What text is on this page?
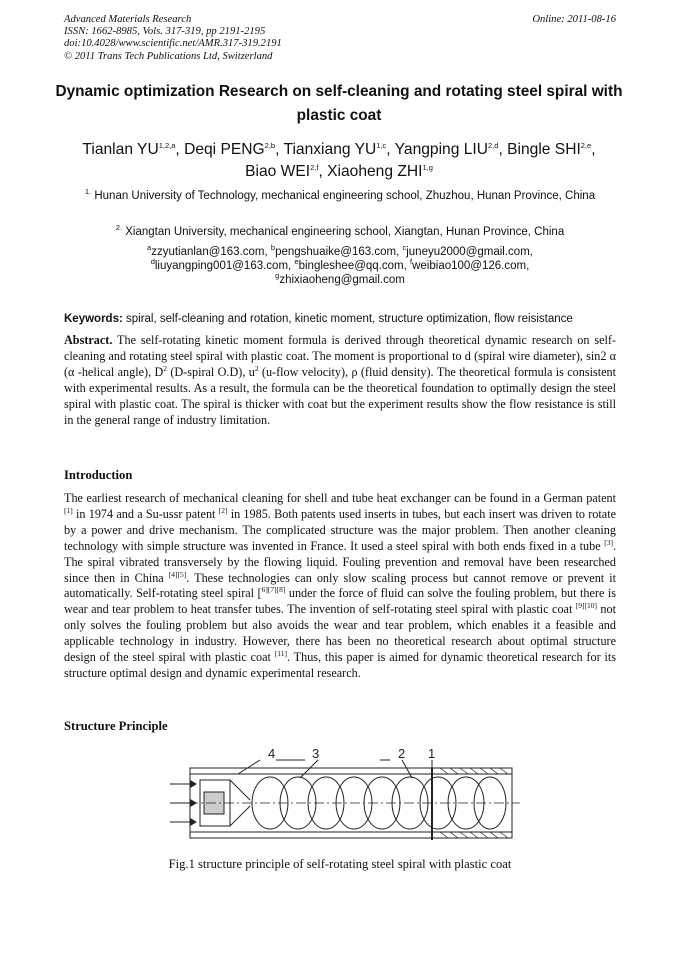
Advanced Materials Research
ISSN: 1662-8985, Vols. 317-319, pp 2191-2195
doi:10.4028/www.scientific.net/AMR.317-319.2191
© 2011 Trans Tech Publications Ltd, Switzerland
Online: 2011-08-16
Dynamic optimization Research on self-cleaning and rotating steel spiral with plastic coat
Tianlan YU$^{1,2,a}$, Deqi PENG$^{2,b}$, Tianxiang YU$^{1,c}$, Yangping LIU$^{2,d}$, Bingle SHI$^{2,e}$,
Biao WEI$^{2,f}$, Xiaoheng ZHI$^{1,g}$
$^{1.}$ Hunan University of Technology, mechanical engineering school, Zhuzhou, Hunan Province, China
$^{2.}$ Xiangtan University, mechanical engineering school, Xiangtan, Hunan Province, China
$^a$zzyutianlan@163.com, $^b$pengshuaike@163.com, $^c$juneyu2000@gmail.com,
$^d$liuyangping001@163.com, $^e$bingleshee@qq.com, $^f$weibiao100@126.com,
$^g$zhixiaoheng@gmail.com
Keywords: spiral, self-cleaning and rotation, kinetic moment, structure optimization, flow reisistance
Abstract. The self-rotating kinetic moment formula is derived through theoretical dynamic research on self-cleaning and rotating steel spiral with plastic coat. The moment is proportional to d (spiral wire diameter), sin2 α (α -helical angle), $D^2$ (D-spiral O.D), $u^2$ (u-flow velocity), ρ (fluid density). The theoretical formula is consistent with experimental results. As a result, the formula can be the theoretical foundation to optimally design the steel spiral with plastic coat. The spiral is thicker with coat but the experiment results show the flow resistance is still in the general range of industry limitation.
Introduction
The earliest research of mechanical cleaning for shell and tube heat exchanger can be found in a German patent [1] in 1974 and a Su-ussr patent [2] in 1985. Both patents used inserts in tubes, but each insert was driven to rotate by a power and drive mechanism. The complicated structure was the major problem. Then another cleaning technology with simple structure was invented in France. It used a steel spiral with both ends fixed in a tube [3]. The spiral vibrated transversely by the flowing liquid. Fouling prevention and removal have been researched since then in China [4][5]. These technologies can only slow scaling process but cannot remove or prevent it automatically. Self-rotating steel spiral [$^{6][7][8]}$ under the force of fluid can solve the fouling problem, but there is wear and tear problem to heat transfer tubes. The invention of self-rotating steel spiral with plastic coat [9][10] not only solves the fouling problem but also avoids the wear and tear problem, which enables it a feasible and applicable technology in industry. However, there has been no theoretical research about optimal structure design of the steel spiral with plastic coat [11]. Thus, this paper is aimed for dynamic theoretical research for its structure optimal design and dynamic experimental research.
Structure Principle
4	3	2 1
Fig.1 structure principle of self-rotating steel spiral with plastic coat
